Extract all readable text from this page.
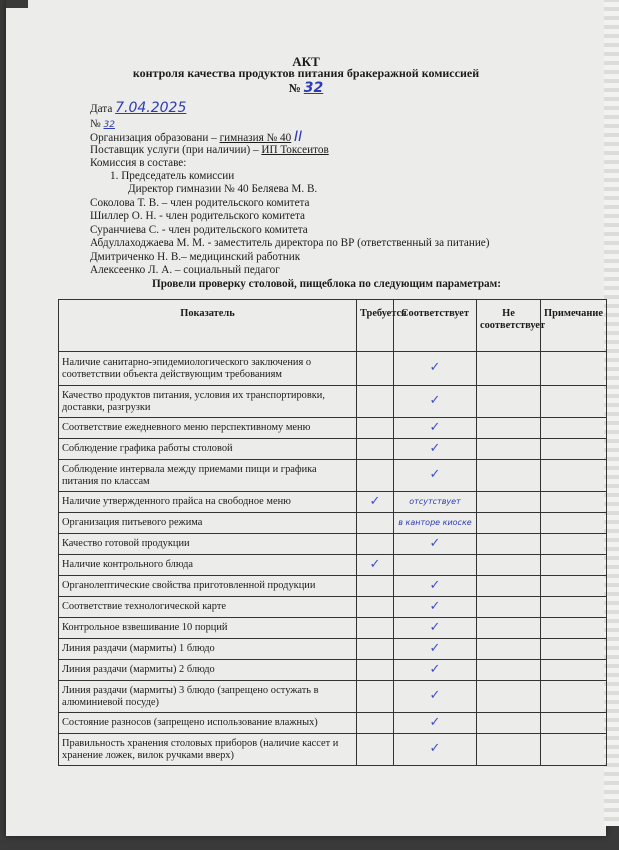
АКТ
контроля качества продуктов питания бракеражной комиссией
№ 32
Дата 7.04.2025
№ 32
Организация образовани – гимназия № 40 II
Поставщик услуги (при наличии) – ИП Токсеитов
Комиссия в составе:
1. Председатель комиссии
Директор гимназии № 40 Беляева М. В.
Соколова Т. В. – член родительского комитета
Шиллер О. Н. - член родительского комитета
Суранчиева С. - член родительского комитета
Абдуллаходжаева М. М. - заместитель директора по ВР (ответственный за питание)
Дмитриченко Н. В.– медицинский работник
Алексеенко Л. А. – социальный педагог
Провели проверку столовой, пищеблока по следующим параметрам:
Показатель	Требуется	Соответствует	Не соответствует	Примечание
Наличие санитарно-эпидемиологического заключения о соответствии объекта действующим требованиям		✓		
Качество продуктов питания, условия их транспортировки, доставки, разгрузки		✓		
Соответствие ежедневного меню перспективному меню		✓		
Соблюдение графика работы столовой		✓		
Соблюдение интервала между приемами пищи и графика питания по классам		✓		
Наличие утвержденного прайса на свободное меню	✓	отсутствует		
Организация питьевого режима		в канторе киоске		
Качество готовой продукции		✓		
Наличие контрольного блюда	✓			
Органолептические свойства приготовленной продукции		✓		
Соответствие технологической карте		✓		
Контрольное взвешивание 10 порций		✓		
Линия раздачи (мармиты) 1 блюдо		✓		
Линия раздачи (мармиты) 2 блюдо		✓		
Линия раздачи (мармиты) 3 блюдо (запрещено остужать в алюминиевой посуде)		✓		
Состояние разносов (запрещено использование влажных)		✓		
Правильность хранения столовых приборов (наличие кассет и хранение ложек, вилок ручками вверх)		✓		
